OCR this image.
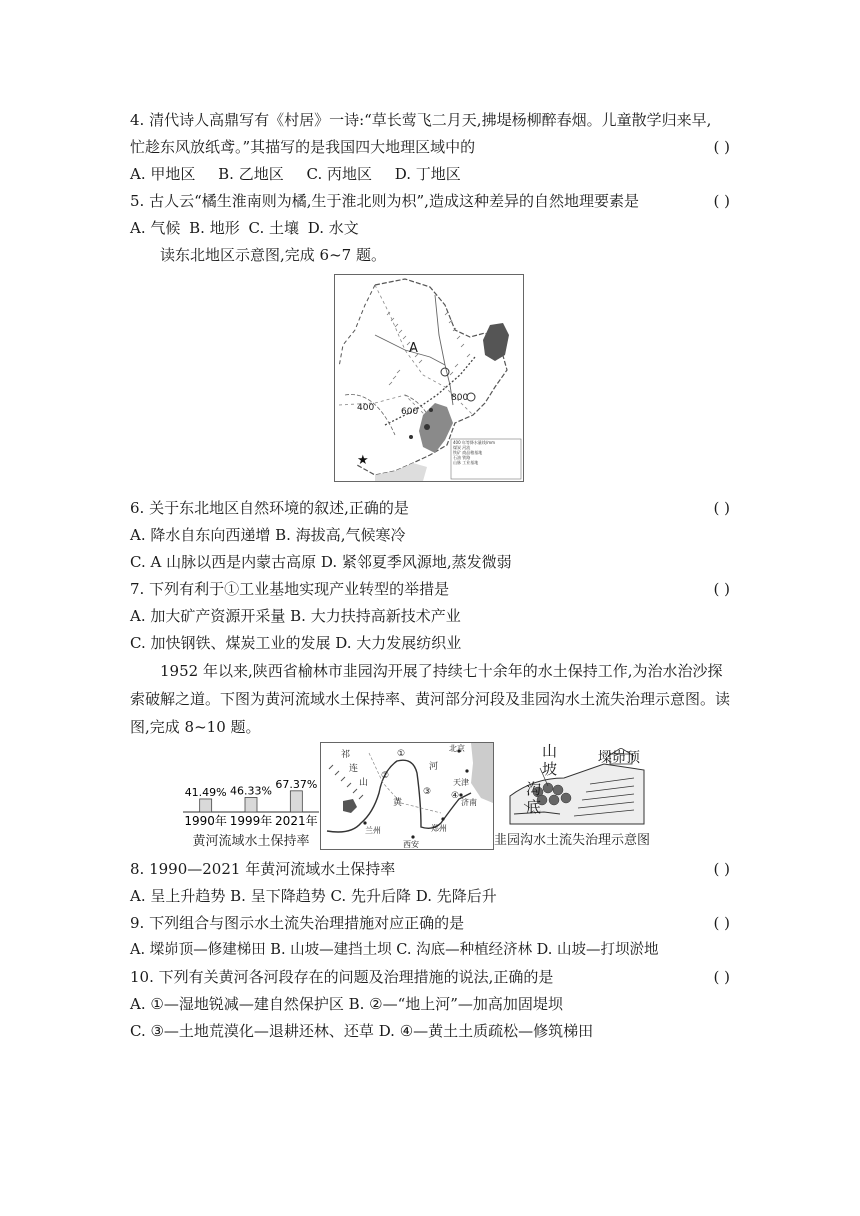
4. 清代诗人高鼎写有《村居》一诗:“草长莺飞二月天,拂堤杨柳醉春烟。儿童散学归来早,
忙趁东风放纸鸢。”其描写的是我国四大地理区域中的	( )
A. 甲地区 B. 乙地区 C. 丙地区 D. 丁地区
5. 古人云“橘生淮南则为橘,生于淮北则为枳”,造成这种差异的自然地理要素是	( )
A. 气候 B. 地形 C. 土壤 D. 水文
读东北地区示意图,完成 6~7 题。
★
A
400	600
800
400 年等降水量线/mm
煤炭 河流
铁矿 商品粮基地
石油 铁路
山脉 工业基地
6. 关于东北地区自然环境的叙述,正确的是	( )
A. 降水自东向西递增 B. 海拔高,气候寒冷
C. A 山脉以西是内蒙古高原 D. 紧邻夏季风源地,蒸发微弱
7. 下列有利于①工业基地实现产业转型的举措是	( )
A. 加大矿产资源开采量 B. 大力扶持高新技术产业
C. 加快钢铁、煤炭工业的发展 D. 大力发展纺织业
1952 年以来,陕西省榆林市韭园沟开展了持续七十余年的水土保持工作,为治水治沙探
索破解之道。下图为黄河流域水土保持率、黄河部分河段及韭园沟水土流失治理示意图。读
图,完成 8~10 题。
41.49%
1990年
46.33%
1999年
67.37%
2021年
黄河流域水土保持率
祁
连
山
北京
天津
济南
郑州
兰州
西安
黄
河
①
②
③ ④
山
坡
墚峁顶
沟
底
韭园沟水土流失治理示意图
8. 1990—2021 年黄河流域水土保持率	( )
A. 呈上升趋势 B. 呈下降趋势 C. 先升后降 D. 先降后升
9. 下列组合与图示水土流失治理措施对应正确的是	( )
A. 墚峁顶—修建梯田 B. 山坡—建挡土坝 C. 沟底—种植经济林 D. 山坡—打坝淤地
10. 下列有关黄河各河段存在的问题及治理措施的说法,正确的是	( )
A. ①—湿地锐减—建自然保护区 B. ②—“地上河”—加高加固堤坝
C. ③—土地荒漠化—退耕还林、还草 D. ④—黄土土质疏松—修筑梯田
